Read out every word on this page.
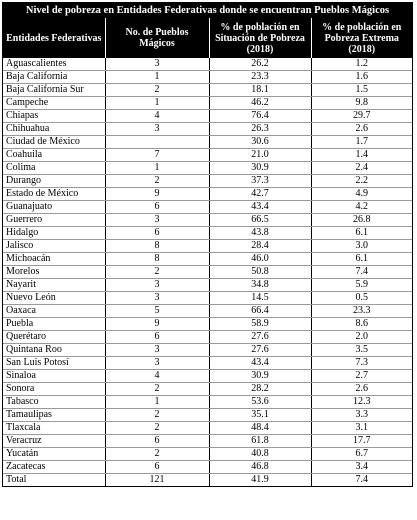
Nivel de pobreza en Entidades Federativas donde se encuentran Pueblos Mágicos
Entidades Federativas	No. de Pueblos Mágicos	% de población en Situación de Pobreza (2018)	% de población en Pobreza Extrema (2018)
Aguascalientes	3	26.2	1.2
Baja California	1	23.3	1.6
Baja California Sur	2	18.1	1.5
Campeche	1	46.2	9.8
Chiapas	4	76.4	29.7
Chihuahua	3	26.3	2.6
Ciudad de México		30.6	1.7
Coahuila	7	21.0	1.4
Colima	1	30.9	2.4
Durango	2	37.3	2.2
Estado de México	9	42.7	4.9
Guanajuato	6	43.4	4.2
Guerrero	3	66.5	26.8
Hidalgo	6	43.8	6.1
Jalisco	8	28.4	3.0
Michoacán	8	46.0	6.1
Morelos	2	50.8	7.4
Nayarit	3	34.8	5.9
Nuevo León	3	14.5	0.5
Oaxaca	5	66.4	23.3
Puebla	9	58.9	8.6
Querétaro	6	27.6	2.0
Quintana Roo	3	27.6	3.5
San Luis Potosí	3	43.4	7.3
Sinaloa	4	30.9	2.7
Sonora	2	28.2	2.6
Tabasco	1	53.6	12.3
Tamaulipas	2	35.1	3.3
Tlaxcala	2	48.4	3.1
Veracruz	6	61.8	17.7
Yucatán	2	40.8	6.7
Zacatecas	6	46.8	3.4
Total	121	41.9	7.4
